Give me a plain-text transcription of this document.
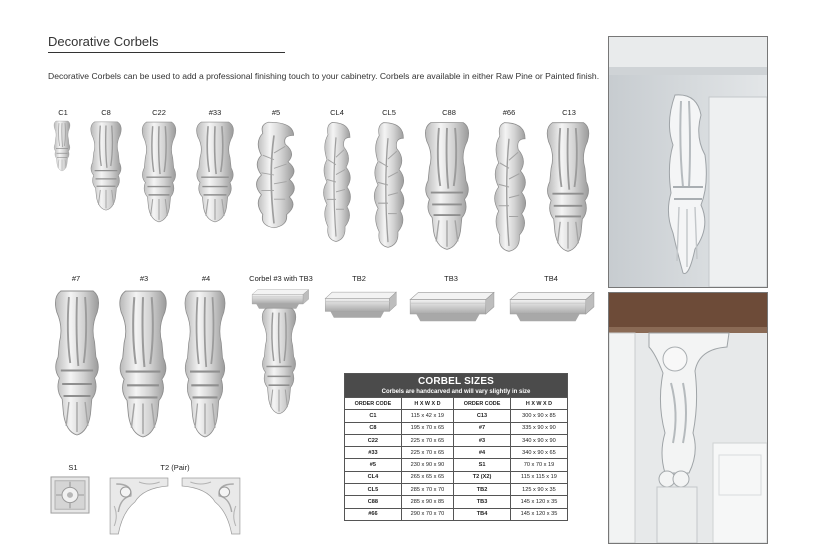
Decorative Corbels
Decorative Corbels can be used to add a professional finishing touch to your cabinetry. Corbels are available in either Raw Pine or Painted finish.
C1	C8	C22	#33	#5	CL4	CL5	C88	#66	C13
#7	#3	#4	Corbel #3 with TB3	TB2	TB3	TB4
S1	T2 (Pair)
CORBEL SIZES
Corbels are handcarved and will vary slightly in size			

ORDER CODE	H X W X D	ORDER CODE	H X W X D
C1	115 x 42 x 19	C13	300 x 90 x 85
C8	195 x 70 x 65	#7	335 x 90 x 90
C22	225 x 70 x 65	#3	340 x 90 x 90
#33	225 x 70 x 65	#4	340 x 90 x 65
#5	230 x 90 x 90	S1	70 x 70 x 19
CL4	265 x 65 x 65	T2 (X2)	115 x 115 x 19
CL5	285 x 70 x 70	TB2	125 x 90 x 35
C88	285 x 90 x 85	TB3	145 x 120 x 35
#66	290 x 70 x 70	TB4	145 x 120 x 35
